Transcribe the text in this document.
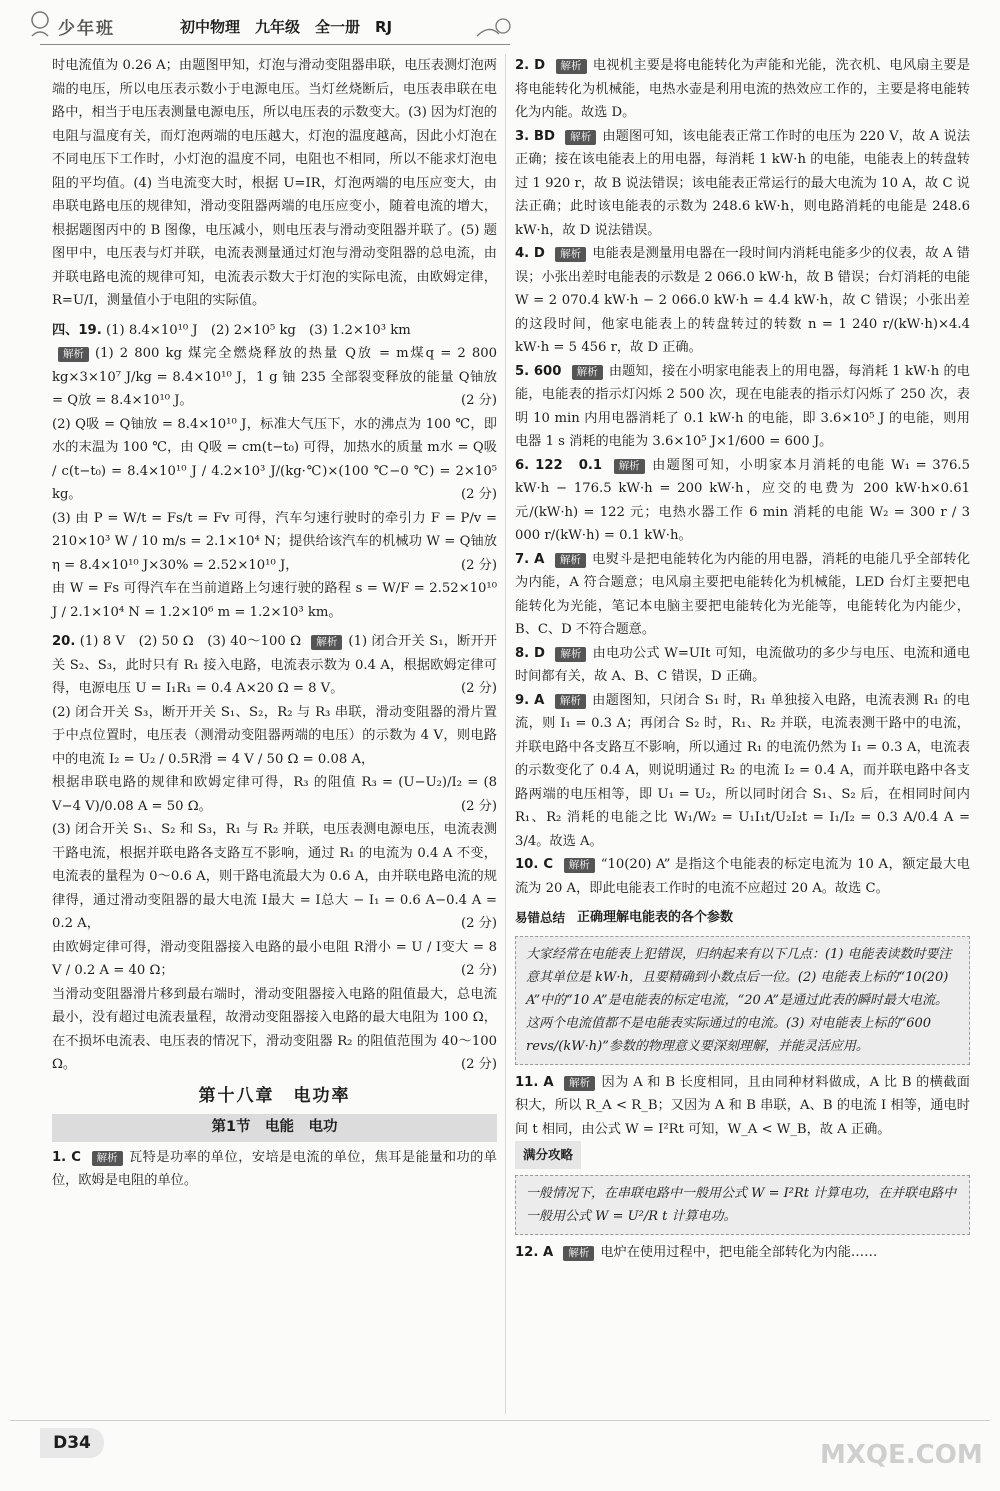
少年班	初中物理　九年级　全一册　RJ
时电流值为 0.26 A；由题图甲知，灯泡与滑动变阻器串联，电压表测灯泡两端的电压，所以电压表示数小于电源电压。当灯丝烧断后，电压表串联在电路中，相当于电压表测量电源电压，所以电压表的示数变大。(3) 因为灯泡的电阻与温度有关，而灯泡两端的电压越大，灯泡的温度越高，因此小灯泡在不同电压下工作时，小灯泡的温度不同，电阻也不相同，所以不能求灯泡电阻的平均值。(4) 当电流变大时，根据 U=IR，灯泡两端的电压应变大，由串联电路电压的规律知，滑动变阻器两端的电压应变小，随着电流的增大，根据题图丙中的 B 图像，电压减小，则电压表与滑动变阻器并联了。(5) 题图甲中，电压表与灯并联，电流表测量通过灯泡与滑动变阻器的总电流，由并联电路电流的规律可知，电流表示数大于灯泡的实际电流，由欧姆定律，R=U/I，测量值小于电阻的实际值。
四、19. (1) 8.4×10¹⁰ J　(2) 2×10⁵ kg　(3) 1.2×10³ km
解析 (1) 2 800 kg 煤完全燃烧释放的热量 Q放 = m煤q = 2 800 kg×3×10⁷ J/kg = 8.4×10¹⁰ J，1 g 铀 235 全部裂变释放的能量 Q铀放 = Q放 = 8.4×10¹⁰ J。	(2 分)
(2) Q吸 = Q铀放 = 8.4×10¹⁰ J，标准大气压下，水的沸点为 100 ℃，即水的末温为 100 ℃，由 Q吸 = cm(t−t₀) 可得，加热水的质量 m水 = Q吸 / c(t−t₀) = 8.4×10¹⁰ J / 4.2×10³ J/(kg·℃)×(100 ℃−0 ℃) = 2×10⁵ kg。	(2 分)
(3) 由 P = W/t = Fs/t = Fv 可得，汽车匀速行驶时的牵引力 F = P/v = 210×10³ W / 10 m/s = 2.1×10⁴ N；提供给该汽车的机械功 W = Q铀放η = 8.4×10¹⁰ J×30% = 2.52×10¹⁰ J，	(2 分)
由 W = Fs 可得汽车在当前道路上匀速行驶的路程 s = W/F = 2.52×10¹⁰ J / 2.1×10⁴ N = 1.2×10⁶ m = 1.2×10³ km。
20. (1) 8 V　(2) 50 Ω　(3) 40～100 Ω 解析 (1) 闭合开关 S₁，断开开关 S₂、S₃，此时只有 R₁ 接入电路，电流表示数为 0.4 A，根据欧姆定律可得，电源电压 U = I₁R₁ = 0.4 A×20 Ω = 8 V。	(2 分)
(2) 闭合开关 S₃，断开开关 S₁、S₂，R₂ 与 R₃ 串联，滑动变阻器的滑片置于中点位置时，电压表（测滑动变阻器两端的电压）的示数为 4 V，则电路中的电流 I₂ = U₂ / 0.5R滑 = 4 V / 50 Ω = 0.08 A，
根据串联电路的规律和欧姆定律可得，R₃ 的阻值 R₃ = (U−U₂)/I₂ = (8 V−4 V)/0.08 A = 50 Ω。	(2 分)
(3) 闭合开关 S₁、S₂ 和 S₃，R₁ 与 R₂ 并联，电压表测电源电压，电流表测干路电流，根据并联电路各支路互不影响，通过 R₁ 的电流为 0.4 A 不变，电流表的量程为 0～0.6 A，则干路电流最大为 0.6 A，由并联电路电流的规律得，通过滑动变阻器的最大电流 I最大 = I总大 − I₁ = 0.6 A−0.4 A = 0.2 A，	(2 分)
由欧姆定律可得，滑动变阻器接入电路的最小电阻 R滑小 = U / I变大 = 8 V / 0.2 A = 40 Ω；	(2 分)
当滑动变阻器滑片移到最右端时，滑动变阻器接入电路的阻值最大，总电流最小，没有超过电流表量程，故滑动变阻器接入电路的最大电阻为 100 Ω，在不损坏电流表、电压表的情况下，滑动变阻器 R₂ 的阻值范围为 40～100 Ω。	(2 分)
第十八章　电功率
第1节　电能　电功
1. C 解析 瓦特是功率的单位，安培是电流的单位，焦耳是能量和功的单位，欧姆是电阻的单位。
2. D 解析 电视机主要是将电能转化为声能和光能，洗衣机、电风扇主要是将电能转化为机械能，电热水壶是利用电流的热效应工作的，主要是将电能转化为内能。故选 D。
3. BD 解析 由题图可知，该电能表正常工作时的电压为 220 V，故 A 说法正确；接在该电能表上的用电器，每消耗 1 kW·h 的电能，电能表上的转盘转过 1 920 r，故 B 说法错误；该电能表正常运行的最大电流为 10 A，故 C 说法正确；此时该电能表的示数为 248.6 kW·h，则电路消耗的电能是 248.6 kW·h，故 D 说法错误。
4. D 解析 电能表是测量用电器在一段时间内消耗电能多少的仪表，故 A 错误；小张出差时电能表的示数是 2 066.0 kW·h，故 B 错误；台灯消耗的电能 W = 2 070.4 kW·h − 2 066.0 kW·h = 4.4 kW·h，故 C 错误；小张出差的这段时间，他家电能表上的转盘转过的转数 n = 1 240 r/(kW·h)×4.4 kW·h = 5 456 r，故 D 正确。
5. 600 解析 由题知，接在小明家电能表上的用电器，每消耗 1 kW·h 的电能，电能表的指示灯闪烁 2 500 次，现在电能表的指示灯闪烁了 250 次，表明 10 min 内用电器消耗了 0.1 kW·h 的电能，即 3.6×10⁵ J 的电能，则用电器 1 s 消耗的电能为 3.6×10⁵ J×1/600 = 600 J。
6. 122　0.1 解析 由题图可知，小明家本月消耗的电能 W₁ = 376.5 kW·h − 176.5 kW·h = 200 kW·h，应交的电费为 200 kW·h×0.61 元/(kW·h) = 122 元；电热水器工作 6 min 消耗的电能 W₂ = 300 r / 3 000 r/(kW·h) = 0.1 kW·h。
7. A 解析 电熨斗是把电能转化为内能的用电器，消耗的电能几乎全部转化为内能，A 符合题意；电风扇主要把电能转化为机械能，LED 台灯主要把电能转化为光能，笔记本电脑主要把电能转化为光能等，电能转化为内能少，B、C、D 不符合题意。
8. D 解析 由电功公式 W=UIt 可知，电流做功的多少与电压、电流和通电时间都有关，故 A、B、C 错误，D 正确。
9. A 解析 由题图知，只闭合 S₁ 时，R₁ 单独接入电路，电流表测 R₁ 的电流，则 I₁ = 0.3 A；再闭合 S₂ 时，R₁、R₂ 并联，电流表测干路中的电流，并联电路中各支路互不影响，所以通过 R₁ 的电流仍然为 I₁ = 0.3 A，电流表的示数变化了 0.4 A，则说明通过 R₂ 的电流 I₂ = 0.4 A，而并联电路中各支路两端的电压相等，即 U₁ = U₂，所以同时闭合 S₁、S₂ 后，在相同时间内 R₁、R₂ 消耗的电能之比 W₁/W₂ = U₁I₁t/U₂I₂t = I₁/I₂ = 0.3 A/0.4 A = 3/4。故选 A。
10. C 解析 “10(20) A” 是指这个电能表的标定电流为 10 A，额定最大电流为 20 A，即此电能表工作时的电流不应超过 20 A。故选 C。
易错总结 正确理解电能表的各个参数
大家经常在电能表上犯错误，归纳起来有以下几点：(1) 电能表读数时要注意其单位是 kW·h，且要精确到小数点后一位。(2) 电能表上标的“10(20) A”中的“10 A”是电能表的标定电流，“20 A”是通过此表的瞬时最大电流。这两个电流值都不是电能表实际通过的电流。(3) 对电能表上标的“600 revs/(kW·h)”参数的物理意义要深刻理解，并能灵活应用。
11. A 解析 因为 A 和 B 长度相同，且由同种材料做成，A 比 B 的横截面积大，所以 R_A < R_B；又因为 A 和 B 串联，A、B 的电流 I 相等，通电时间 t 相同，由公式 W = I²Rt 可知，W_A < W_B，故 A 正确。
满分攻略
一般情况下，在串联电路中一般用公式 W = I²Rt 计算电功，在并联电路中一般用公式 W = U²/R t 计算电功。
12. A 解析 电炉在使用过程中，把电能全部转化为内能……
D34	MXQE.COM
